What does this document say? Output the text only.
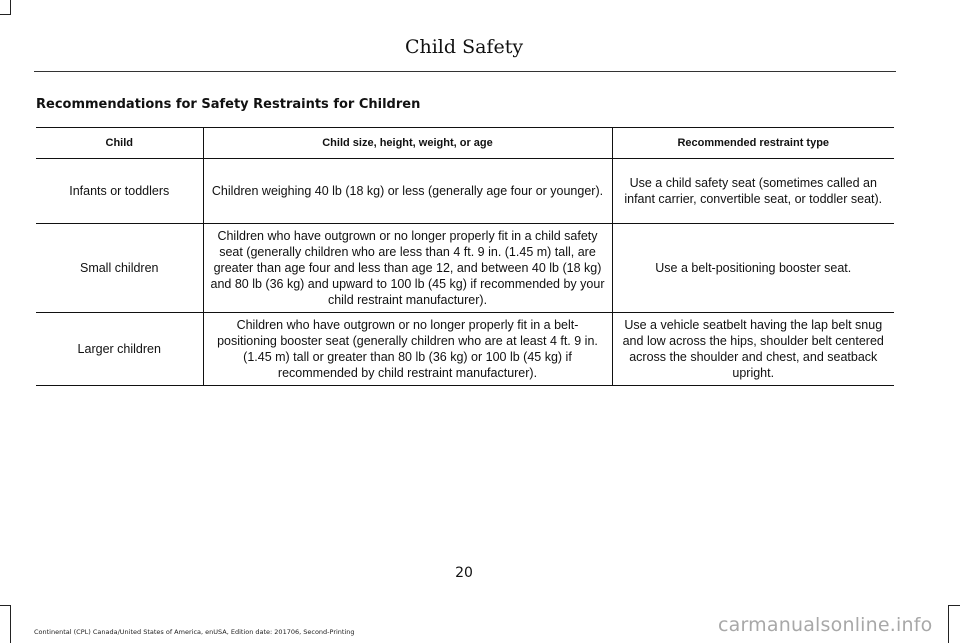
Child Safety
Recommendations for Safety Restraints for Children
Child	Child size, height, weight, or age	Recommended restraint type
Infants or toddlers	Children weighing 40 lb (18 kg) or less (generally age four or younger).	Use a child safety seat (sometimes called an infant carrier, convertible seat, or toddler seat).
Small children	Children who have outgrown or no longer properly fit in a child safety seat (generally children who are less than 4 ft. 9 in. (1.45 m) tall, are greater than age four and less than age 12, and between 40 lb (18 kg) and 80 lb (36 kg) and upward to 100 lb (45 kg) if recommended by your child restraint manufacturer).	Use a belt-positioning booster seat.
Larger children	Children who have outgrown or no longer properly fit in a belt-positioning booster seat (generally children who are at least 4 ft. 9 in. (1.45 m) tall or greater than 80 lb (36 kg) or 100 lb (45 kg) if recommended by child restraint manufacturer).	Use a vehicle seatbelt having the lap belt snug and low across the hips, shoulder belt centered across the shoulder and chest, and seatback upright.
20
Continental (CPL) Canada/United States of America, enUSA, Edition date: 201706, Second-Printing	carmanualsonline.info
